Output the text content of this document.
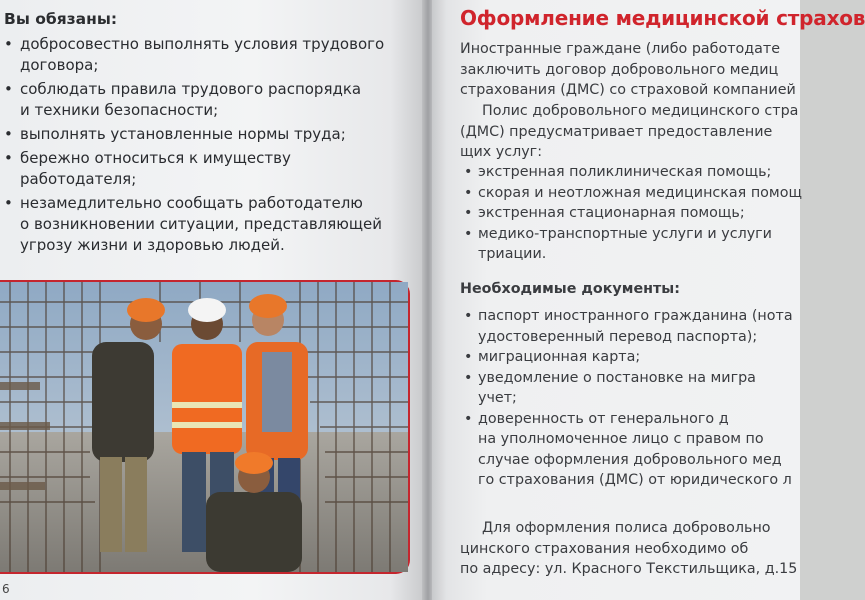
Вы обязаны:
• добросовестно выполнять условия трудового
договора;
• соблюдать правила трудового распорядка
и техники безопасности;
• выполнять установленные нормы труда;
• бережно относиться к имуществу работодателя;
• незамедлительно сообщать работодателю
о возникновении ситуации, представляющей
угрозу жизни и здоровью людей.
6
Оформление медицинской страхов

Иностранные граждане (либо работодате
заключить договор добровольного медиц
страхования (ДМС) со страховой компанией

Полис добровольного медицинского стра
(ДМС) предусматривает предоставление
щих услуг:

• экстренная поликлиническая помощь;
• скорая и неотложная медицинская помощ
• экстренная стационарная помощь;
• медико-транспортные услуги и услуги
триации.
Необходимые документы:
• паспорт иностранного гражданина (нота
удостоверенный перевод паспорта);
• миграционная карта;
• уведомление о постановке на мигра
учет;
• доверенность от генерального д
на уполномоченное лицо с правом по
случае оформления добровольного мед
го страхования (ДМС) от юридического л

Для оформления полиса добровольно
цинского страхования необходимо об
по адресу: ул. Красного Текстильщика, д.15
